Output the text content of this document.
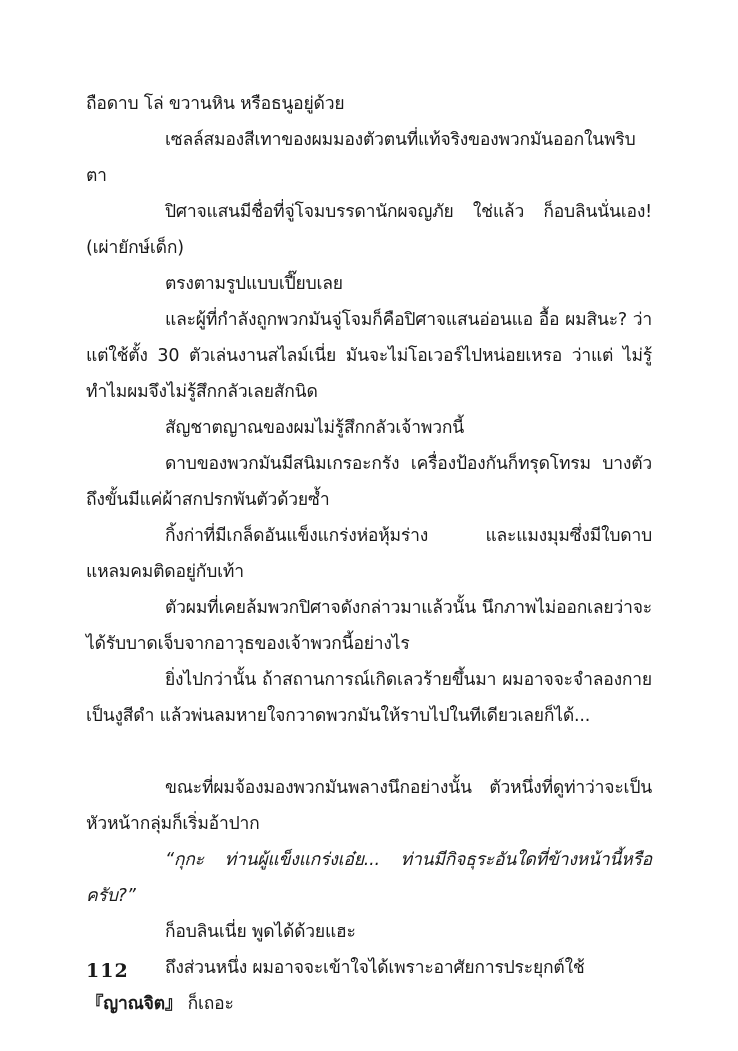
ถือดาบ โล่ ขวานหิน หรือธนูอยู่ด้วย

เซลล์สมองสีเทาของผมมองตัวตนที่แท้จริงของพวกมันออกในพริบตา

ปิศาจแสนมีชื่อที่จู่โจมบรรดานักผจญภัย ใช่แล้ว ก็อบลินนั่นเอง! (เผ่ายักษ์เด็ก)

ตรงตามรูปแบบเปี๊ยบเลย

และผู้ที่กำลังถูกพวกมันจู่โจมก็คือปิศาจแสนอ่อนแอ อื้อ ผมสินะ? ว่าแต่ใช้ตั้ง 30 ตัวเล่นงานสไลม์เนี่ย มันจะไม่โอเวอร์ไปหน่อยเหรอ ว่าแต่ ไม่รู้ทำไมผมจึงไม่รู้สึกกลัวเลยสักนิด

สัญชาตญาณของผมไม่รู้สึกกลัวเจ้าพวกนี้

ดาบของพวกมันมีสนิมเกรอะกรัง เครื่องป้องกันก็ทรุดโทรม บางตัวถึงขั้นมีแค่ผ้าสกปรกพันตัวด้วยซ้ำ

กิ้งก่าที่มีเกล็ดอันแข็งแกร่งห่อหุ้มร่าง และแมงมุมซึ่งมีใบดาบแหลมคมติดอยู่กับเท้า

ตัวผมที่เคยล้มพวกปิศาจดังกล่าวมาแล้วนั้น นึกภาพไม่ออกเลยว่าจะได้รับบาดเจ็บจากอาวุธของเจ้าพวกนี้อย่างไร

ยิ่งไปกว่านั้น ถ้าสถานการณ์เกิดเลวร้ายขึ้นมา ผมอาจจะจำลองกายเป็นงูสีดำ แล้วพ่นลมหายใจกวาดพวกมันให้ราบไปในทีเดียวเลยก็ได้...

ขณะที่ผมจ้องมองพวกมันพลางนึกอย่างนั้น ตัวหนึ่งที่ดูท่าว่าจะเป็นหัวหน้ากลุ่มก็เริ่มอ้าปาก

“กุกะ ท่านผู้แข็งแกร่งเอ๋ย... ท่านมีกิจธุระอันใดที่ข้างหน้านี้หรือครับ?”

ก็อบลินเนี่ย พูดได้ด้วยแฮะ

ถึงส่วนหนึ่ง ผมอาจจะเข้าใจได้เพราะอาศัยการประยุกต์ใช้

『ญาณจิต』 ก็เถอะ

112
